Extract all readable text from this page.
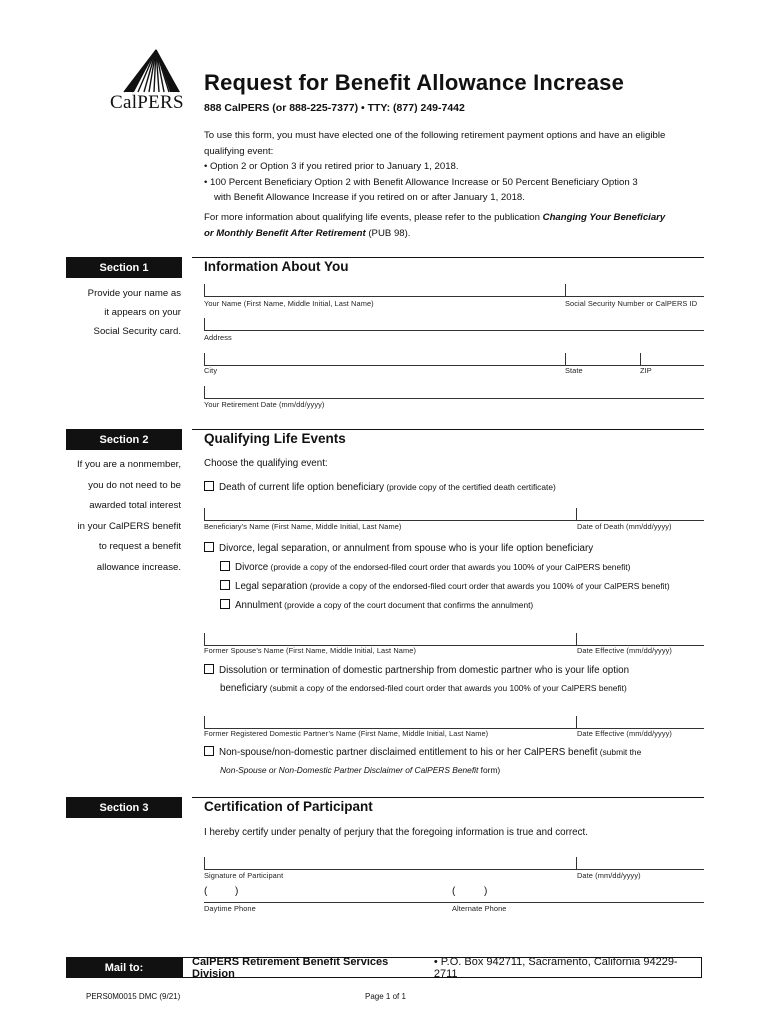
CalPERS
Request for Benefit Allowance Increase
888 CalPERS (or 888-225-7377) • TTY: (877) 249-7442

To use this form, you must have elected one of the following retirement payment options and have an eligible

qualifying event:

• Option 2 or Option 3 if you retired prior to January 1, 2018.

• 100 Percent Beneficiary Option 2 with Benefit Allowance Increase or 50 Percent Beneficiary Option 3

with Benefit Allowance Increase if you retired on or after January 1, 2018.

For more information about qualifying life events, please refer to the publication Changing Your Beneficiary
or Monthly Benefit After Retirement (PUB 98).
Section 1	Information About You
Provide your name as
it appears on your
Social Security card.
Your Name (First Name, Middle Initial, Last Name)	Social Security Number or CalPERS ID
Address
City	State	ZIP
Your Retirement Date (mm/dd/yyyy)
Section 2	Qualifying Life Events
If you are a nonmember,
you do not need to be
awarded total interest
in your CalPERS benefit
to request a benefit
allowance increase.
Choose the qualifying event:
Death of current life option beneficiary (provide copy of the certified death certificate)
Beneficiary’s Name (First Name, Middle Initial, Last Name)	Date of Death (mm/dd/yyyy)
Divorce, legal separation, or annulment from spouse who is your life option beneficiary
Divorce (provide a copy of the endorsed-filed court order that awards you 100% of your CalPERS benefit)
Legal separation (provide a copy of the endorsed-filed court order that awards you 100% of your CalPERS benefit)
Annulment (provide a copy of the court document that confirms the annulment)
Former Spouse’s Name (First Name, Middle Initial, Last Name)	Date Effective (mm/dd/yyyy)
Dissolution or termination of domestic partnership from domestic partner who is your life option
beneficiary (submit a copy of the endorsed-filed court order that awards you 100% of your CalPERS benefit)
Former Registered Domestic Partner’s Name (First Name, Middle Initial, Last Name)	Date Effective (mm/dd/yyyy)
Non-spouse/non-domestic partner disclaimed entitlement to his or her CalPERS benefit (submit the
Non-Spouse or Non-Domestic Partner Disclaimer of CalPERS Benefit form)
Section 3	Certification of Participant
I hereby certify under penalty of perjury that the foregoing information is true and correct.
Signature of Participant	Date (mm/dd/yyyy)
(	)	(	)
Daytime Phone	Alternate Phone
Mail to:	CalPERS Retirement Benefit Services Division
• P.O. Box 942711, Sacramento, California 94229-2711
PERS0M0015 DMC (9/21)	Page 1 of 1
